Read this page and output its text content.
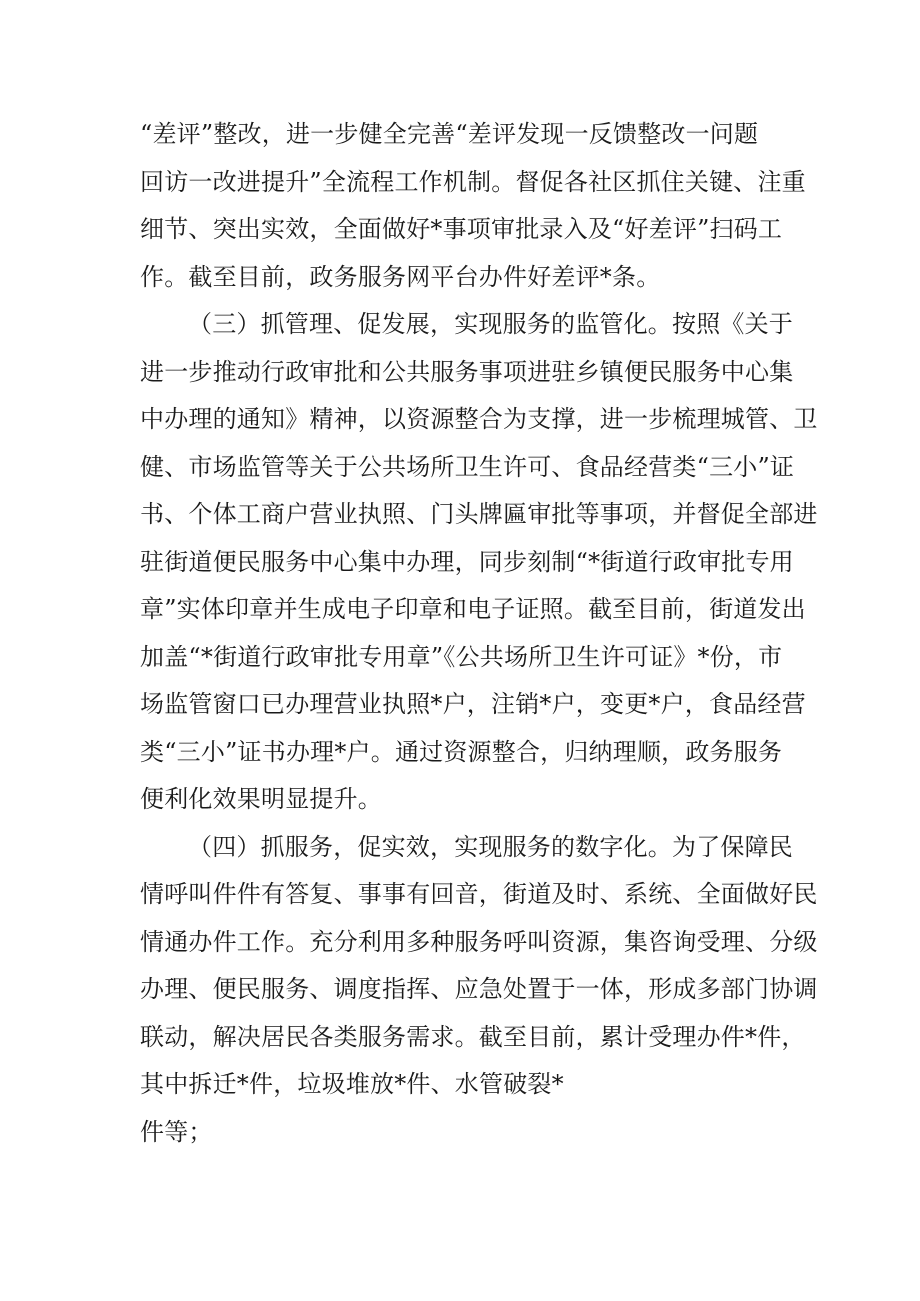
“差评”整改，进一步健全完善“差评发现一反馈整改一问题
回访一改进提升”全流程工作机制。督促各社区抓住关键、注重
细节、突出实效，全面做好*事项审批录入及“好差评”扫码工
作。截至目前，政务服务网平台办件好差评*条。
（三）抓管理、促发展，实现服务的监管化。按照《关于
进一步推动行政审批和公共服务事项进驻乡镇便民服务中心集
中办理的通知》精神，以资源整合为支撑，进一步梳理城管、卫
健、市场监管等关于公共场所卫生许可、食品经营类“三小”证
书、个体工商户营业执照、门头牌匾审批等事项，并督促全部进
驻街道便民服务中心集中办理，同步刻制“*街道行政审批专用
章”实体印章并生成电子印章和电子证照。截至目前，街道发出
加盖“*街道行政审批专用章”《公共场所卫生许可证》*份，市
场监管窗口已办理营业执照*户，注销*户，变更*户，食品经营
类“三小”证书办理*户。通过资源整合，归纳理顺，政务服务
便利化效果明显提升。
（四）抓服务，促实效，实现服务的数字化。为了保障民
情呼叫件件有答复、事事有回音，街道及时、系统、全面做好民
情通办件工作。充分利用多种服务呼叫资源，集咨询受理、分级
办理、便民服务、调度指挥、应急处置于一体，形成多部门协调
联动，解决居民各类服务需求。截至目前，累计受理办件*件，
其中拆迁*件，垃圾堆放*件、水管破裂*
件等；
